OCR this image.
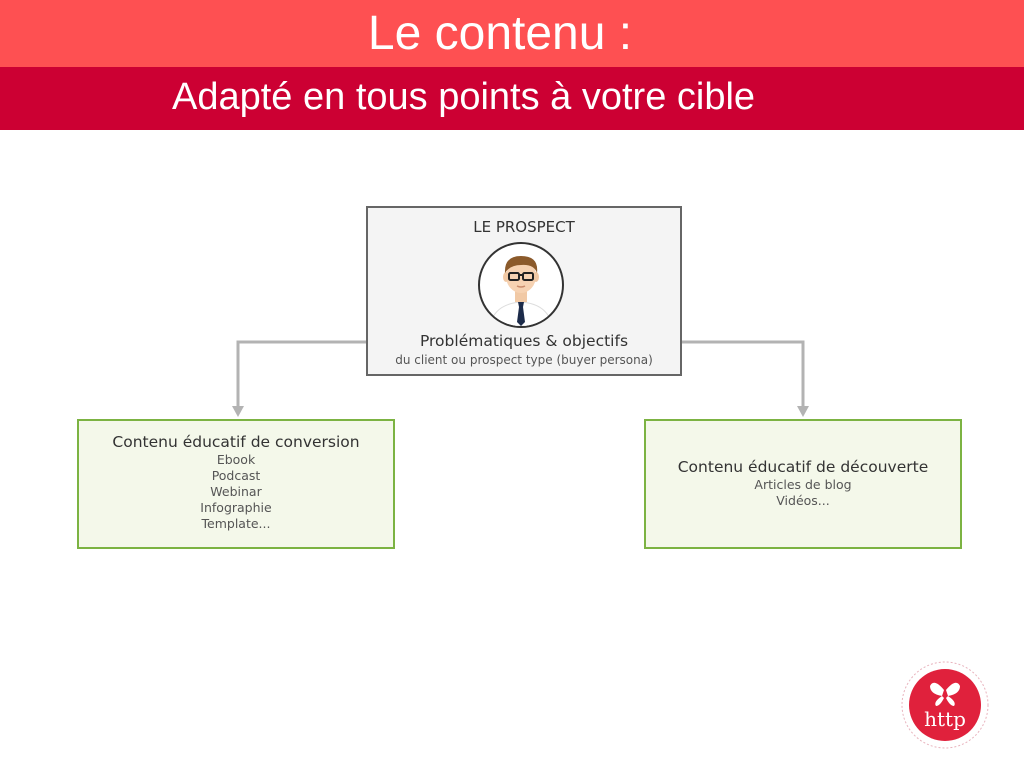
Le contenu :
Adapté en tous points à votre cible
LE PROSPECT
Problématiques & objectifs
du client ou prospect type (buyer persona)
Contenu éducatif de conversion
Ebook
Podcast
Webinar
Infographie
Template...
Contenu éducatif de découverte
Articles de blog
Vidéos...
http
